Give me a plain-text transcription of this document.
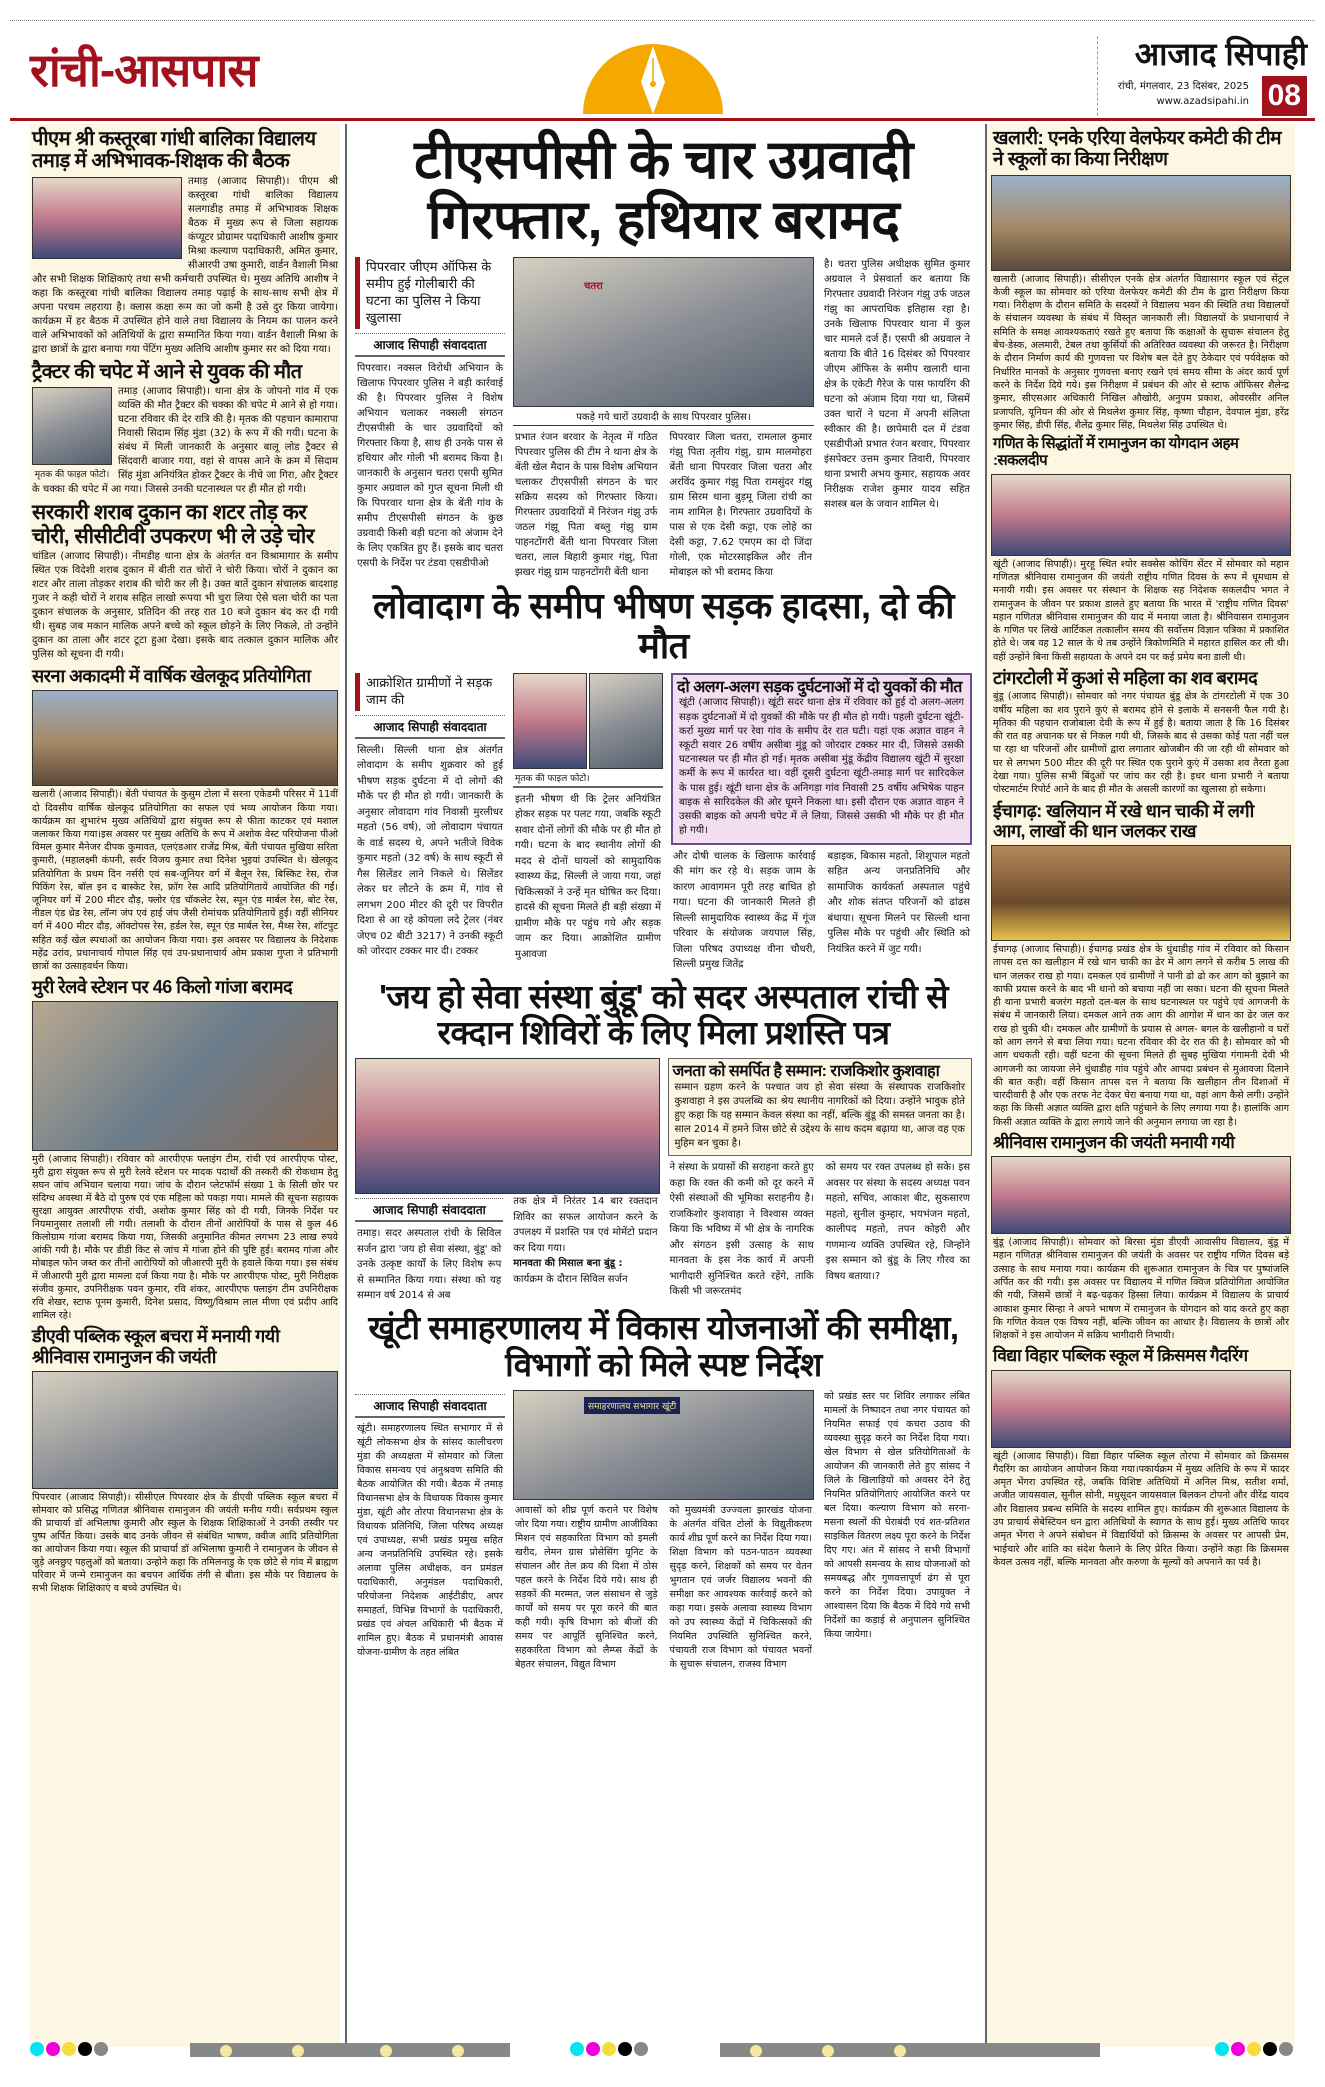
रांची-आसपास	आजाद सिपाही
रांची, मंगलवार, 23 दिसंबर, 2025
www.azadsipahi.in 08
पीएम श्री कस्तूरबा गांधी बालिका विद्यालय तमाड़ में अभिभावक-शिक्षक की बैठक

तमाड़ (आजाद सिपाही)। पीएम श्री कस्तूरबा गांधी बालिका विद्यालय सलगाडीह तमाड़ में अभिभावक शिक्षक बैठक में मुख्य रूप से जिला सहायक कंप्यूटर प्रोग्रामर पदाधिकारी आशीष कुमार मिश्रा कल्याण पदाधिकारी, अमित कुमार, सीआरपी उषा कुमारी, वार्डन वैशाली मिश्रा और सभी शिक्षक शिक्षिकाएं तथा सभी कर्मचारी उपस्थित थे। मुख्य अतिथि आशीष ने कहा कि कस्तूरबा गांधी बालिका विद्यालय तमाड़ पढ़ाई के साथ-साथ सभी क्षेत्र में अपना परचम लहराया है। क्लास कक्षा रूम का जो कमी है उसे दुर किया जायेगा। कार्यक्रम में हर बैठक में उपस्थित होने वाले तथा विद्यालय के नियम का पालन करने वाले अभिभावकों को अतिथियों के द्वारा सम्मानित किया गया। वार्डन वैशाली मिश्रा के द्वारा छात्रों के द्वारा बनाया गया पेंटिंग मुख्य अतिथि आशीष कुमार सर को दिया गया।

ट्रैक्टर की चपेट में आने से युवक की मौत
मृतक की फाइल फोटो।

तमाड़ (आजाद सिपाही)। थाना क्षेत्र के जोपनो गांव में एक व्यक्ति की मौत ट्रैक्टर की चक्का की चपेट मे आने से हो गया। घटना रविवार की देर रात्रि की है। मृतक की पहचान कामारापा निवासी सिदाम सिंह मुंडा (32) के रूप में की गयी। घटना के संबंध में मिली जानकारी के अनुसार बालू लोड ट्रैक्टर से सिंदवारी बाजार गया, वहां से वापस आने के क्रम में सिदाम सिंह मुंडा अनियंत्रित होकर ट्रैक्टर के नीचे जा गिरा, और ट्रैक्टर के चक्का की चपेट में आ गया। जिससे उनकी घटनास्थल पर ही मौत हो गयी।

सरकारी शराब दुकान का शटर तोड़ कर चोरी, सीसीटीवी उपकरण भी ले उड़े चोर

चांडिल (आजाद सिपाही)। नीमडीह थाना क्षेत्र के अंतर्गत वन विश्रामागार के समीप स्थित एक विदेशी शराब दुकान में बीती रात चोरों ने चोरी किया। चोरों ने दुकान का शटर और ताला तोड़कर शराब की चोरी कर ली है। उक्त बातें दुकान संचालक बादशाह गुजर ने कही चोरों ने शराब सहित लाखो रूपया भी चुरा लिया ऐसे चला चोरी का पता दुकान संचालक के अनुसार, प्रतिदिन की तरह रात 10 बजे दुकान बंद कर दी गयी थी। सुबह जब मकान मालिक अपने बच्चे को स्कूल छोड़ने के लिए निकले, तो उन्होंने दुकान का ताला और शटर टूटा हुआ देखा। इसके बाद तत्काल दुकान मालिक और पुलिस को सूचना दी गयी।

सरना अकादमी में वार्षिक खेलकूद प्रतियोगिता

खलारी (आजाद सिपाही)। बेंती पंचायत के कुसुम टोला में सरना एकेडमी परिसर में 11वीं दो दिवसीय वार्षिक खेलकूद प्रतियोगिता का सफल एवं भव्य आयोजन किया गया। कार्यक्रम का शुभारंभ मुख्य अतिथियों द्वारा संयुक्त रूप से फीता काटकर एवं मशाल जलाकर किया गया।इस अवसर पर मुख्य अतिथि के रूप में अशोक वेस्ट परियोजना पीओ विमल कुमार मैनेजर दीपक कुमावत, एलएंडआर राजेंद्र मिश्र, बेंती पंचायत मुखिया सरिता कुमारी, (महालक्ष्मी कंपनी, सर्वर विजय कुमार तथा दिनेश भुइयां उपस्थित थे। खेलकूद प्रतियोगिता के प्रथम दिन नर्सरी एवं सब-जूनियर वर्ग में बैलून रेस, बिस्किट रेस, रोज पिकिंग रेस, बॉल इन द बास्केट रेस, फ्रॉग रेस आदि प्रतियोगितायें आयोजित की गईं। जूनियर वर्ग में 200 मीटर दौड़, फ्लोर एंड चॉकलेट रेस, स्पून एंड मार्बल रेस, बोट रेस, नीडल एंड थ्रेड रेस, लॉन्ग जंप एवं हाई जंप जैसी रोमांचक प्रतियोगितायें हुईं। वहीं सीनियर वर्ग में 400 मीटर दौड़, ऑक्टोपस रेस, हर्डल रेस, स्पून एंड मार्बल रेस, मैथ्स रेस, शॉटपुट सहित कई खेल स्पधाओं का आयोजन किया गया। इस अवसर पर विद्यालय के निदेशक महेंद्र उरांव, प्रधानाचार्य गोपाल सिंह एवं उप-प्रधानाचार्य ओम प्रकाश गुप्ता ने प्रतिभागी छात्रों का उत्साहवर्धन किया।

मुरी रेलवे स्टेशन पर 46 किलो गांजा बरामद

मुरी (आजाद सिपाही)। रविवार को आरपीएफ फ्लाइंग टीम, रांची एवं आरपीएफ पोस्ट, मुरी द्वारा संयुक्त रूप से मुरी रेलवे स्टेशन पर मादक पदार्थों की तस्करी की रोकथाम हेतु सघन जांच अभियान चलाया गया। जांच के दौरान प्लेटफॉर्म संख्या 1 के सिली छोर पर संदिग्ध अवस्था में बैठे दो पुरुष एवं एक महिला को पकड़ा गया। मामले की सूचना सहायक सुरक्षा आयुक्त आरपीएफ रांची, अशोक कुमार सिंह को दी गयी, जिनके निर्देश पर नियमानुसार तलाशी ली गयी। तलाशी के दौरान तीनों आरोपियों के पास से कुल 46 किलोग्राम गांजा बरामद किया गया, जिसकी अनुमानित कीमत लगभग 23 लाख रुपये आंकी गयी है। मौके पर डीडी किट से जांच में गांजा होने की पुष्टि हुई। बरामद गांजा और मोबाइल फोन जब्त कर तीनों आरोपियों को जीआरपी मुरी के हवाले किया गया। इस संबंध में जीआरपी मुरी द्वारा मामला दर्ज किया गया है। मौके पर आरपीएफ पोस्ट, मुरी निरीक्षक संजीव कुमार, उपनिरीक्षक पवन कुमार, रवि शंकर, आरपीएफ फ्लाइंग टीम उपनिरीक्षक रवि शेखर, स्टाफ पूनम कुमारी, दिनेश प्रसाद, विष्णु/विश्राम लाल मीणा एवं प्रदीप आदि शामिल रहे।

डीएवी पब्लिक स्कूल बचरा में मनायी गयी श्रीनिवास रामानुजन की जयंती

पिपरवार (आजाद सिपाही)। सीसीएल पिपरवार क्षेत्र के डीएवी पब्लिक स्कूल बचरा में सोमवार को प्रसिद्ध गणितज्ञ श्रीनिवास रामानुजन की जयंती मनीय गयी। सर्वप्रथम स्कुल की प्राचार्या डॉ अभिलाषा कुमारी और स्कुल के शिक्षक शिक्षिकाओं ने उनकी तस्वीर पर पुष्प अर्पित किया। उसके बाद उनके जीवन से संबंधित भाषण, क्वीज आदि प्रतियोगिता का आयोजन किया गया। स्कूल की प्राचार्या डॉ अभिलाषा कुमारी ने रामानुजन के जीवन से जुड़े अनछुए पहलुओं को बताया। उन्होने कहा कि तमिलनाडु के एक छोटे से गांव में ब्राह्मण परिवार में जन्मे रामानुजन का बचपन आर्थिक तंगी से बीता। इस मौके पर विद्यालय के सभी शिक्षक शिक्षिकाएं व बच्चे उपस्थित थे।

टीएसपीसी के चार उग्रवादी गिरफ्तार, हथियार बरामद
पिपरवार जीएम ऑफिस के समीप हुई गोलीबारी की घटना का पुलिस ने किया खुलासा
आजाद सिपाही संवाददाता

पिपरवार। नक्सल विरोधी अभियान के खिलाफ पिपरवार पुलिस ने बड़ी कार्रवाई की है। पिपरवार पुलिस ने विशेष अभियान चलाकर नक्सली संगठन टीएसपीसी के चार उग्रवादियों को गिरफ्तार किया है, साथ ही उनके पास से हथियार और गोली भी बरामद किया है। जानकारी के अनुसान चतरा एसपी सुमित कुमार अग्रवाल को गुप्त सूचना मिली थी कि पिपरवार थाना क्षेत्र के बेंती गांव के समीप टीएसपीसी संगठन के कुछ उग्रवादी किसी बड़ी घटना को अंजाम देने के लिए एकत्रित हुए हैं। इसके बाद चतरा एसपी के निर्देश पर टंडवा एसडीपीओ

चतरा
पकड़े गये चारों उग्रवादी के साथ पिपरवार पुलिस।

प्रभात रंजन बरवार के नेतृत्व में गठित पिपरवार पुलिस की टीम ने थाना क्षेत्र के बेंती खेल मैदान के पास विशेष अभियान चलाकर टीएसपीसी संगठन के चार सक्रिय सदस्य को गिरफ्तार किया। गिरफ्तार उग्रवादियों में निरंजन गंझु उर्फ जठल गंझू पिता बब्लु गंझु ग्राम पाहनटोंगरी बेंती थाना पिपरवार जिला चतरा, लाल बिहारी कुमार गंझु, पिता झखर गंझु ग्राम पाहनटोंगरी बेंती थाना

पिपरवार जिला चतरा, रामलाल कुमार गंझु पिता तृतीय गंझु, ग्राम मालमोहरा बेंती थाना पिपरवार जिला चतरा और अरविंद कुमार गंझु पिता रामसुंदर गंझु ग्राम सिरम थाना बुड़मू जिला रांची का नाम शामिल है। गिरफ्तार उग्रवादियों के पास से एक देसी कट्टा, एक लोहे का देसी कट्टा, 7.62 एमएम का दो जिंदा गोली, एक मोटरसाइकिल और तीन मोबाइल को भी बरामद किया

है। चतरा पुलिस अधीक्षक सुमित कुमार अग्रवाल ने प्रेसवार्ता कर बताया कि गिरफ्तार उग्रवादी निरंजन गंझु उर्फ जठल गंझु का आपराधिक इतिहास रहा है। उनके खिलाफ पिपरवार थाना में कुल चार मामले दर्ज हैं। एसपी श्री अग्रवाल ने बताया कि बीते 16 दिसंबर को पिपरवार जीएम ऑफिस के समीप खलारी थाना क्षेत्र के एकेटी गैरेज के पास फायरिंग की घटना को अंजाम दिया गया था, जिसमें उक्त चारों ने घटना में अपनी संलिप्ता स्वीकार की है। छापेमारी दल में टंडवा एसडीपीओ प्रभात रंजन बरवार, पिपरवार इंसपेक्टर उत्तम कुमार तिवारी, पिपरवार थाना प्रभारी अभय कुमार, सहायक अवर निरीक्षक राजेश कुमार यादव सहित सशस्त्र बल के जवान शामिल थे।

लोवादाग के समीप भीषण सड़क हादसा, दो की मौत
आक्रोशित ग्रामीणों ने सड़क जाम की
आजाद सिपाही संवाददाता

सिल्ली। सिल्ली थाना क्षेत्र अंतर्गत लोवादाग के समीप शुक्रवार को हुई भीषण सड़क दुर्घटना में दो लोगों की मौके पर ही मौत हो गयी। जानकारी के अनुसार लोवादाग गांव निवासी मुरलीधर महतो (56 वर्ष), जो लोवादाग पंचायत के वार्ड सदस्य थे, अपने भतीजे विवेक कुमार महतो (32 वर्ष) के साथ स्कूटी से गैस सिलेंडर लाने निकले थे। सिलेंडर लेकर घर लौटने के क्रम में, गांव से लगभग 200 मीटर की दूरी पर विपरीत दिशा से आ रहे कोयला लदे ट्रेलर (नंबर जेएच 02 बीटी 3217) ने उनकी स्कूटी को जोरदार टक्कर मार दी। टक्कर

मृतक की फाइल फोटो।

इतनी भीषण थी कि ट्रेलर अनियंत्रित होकर सड़क पर पलट गया, जबकि स्कूटी सवार दोनों लोगों की मौके पर ही मौत हो गयी। घटना के बाद स्थानीय लोगों की मदद से दोनों घायलों को सामुदायिक स्वास्थ्य केंद्र, सिल्ली ले जाया गया, जहां चिकित्सकों ने उन्हें मृत घोषित कर दिया। हादसे की सूचना मिलते ही बड़ी संख्या में ग्रामीण मौके पर पहुंच गये और सड़क जाम कर दिया। आक्रोशित ग्रामीण मुआवजा

दो अलग-अलग सड़क दुर्घटनाओं में दो युवकों की मौत

खूंटी (आजाद सिपाही)। खूंटी सदर थाना क्षेत्र में रविवार को हुई दो अलग-अलग सड़क दुर्घटनाओं में दो युवकों की मौके पर ही मौत हो गयी। पहली दुर्घटना खूंटी-कर्रा मुख्य मार्ग पर रेवा गांव के समीप देर रात घटी। यहां एक अज्ञात वाहन ने स्कूटी सवार 26 वर्षीय असीबा मुंडू को जोरदार टक्कर मार दी, जिससे उसकी घटनास्थल पर ही मौत हो गई। मृतक असीबा मुंडू केंद्रीय विद्यालय खूंटी में सुरक्षा कर्मी के रूप में कार्यरत था। वहीं दूसरी दुर्घटना खूंटी-तमाड़ मार्ग पर सारिदकेल के पास हुई। खूंटी थाना क्षेत्र के अनिगड़ा गांव निवासी 25 वर्षीय अभिषेक पाहन बाइक से सारिदकेल की ओर घूमने निकला था। इसी दौरान एक अज्ञात वाहन ने उसकी बाइक को अपनी चपेट में ले लिया, जिससे उसकी भी मौके पर ही मौत हो गयी।

और दोषी चालक के खिलाफ कार्रवाई की मांग कर रहे थे। सड़क जाम के कारण आवागमन पूरी तरह बाधित हो गया। घटना की जानकारी मिलते ही सिल्ली सामुदायिक स्वास्थ्य केंद्र में गूंज परिवार के संयोजक जयपाल सिंह, जिला परिषद उपाध्यक्ष वीना चौधरी, सिल्ली प्रमुख जितेंद्र

बड़ाइक, बिकास महतो, शिशुपाल महतो सहित अन्य जनप्रतिनिधि और सामाजिक कार्यकर्ता अस्पताल पहुंचे और शोक संतप्त परिजनों को ढांढस बंधाया। सूचना मिलने पर सिल्ली थाना पुलिस मौके पर पहुंची और स्थिति को नियंत्रित करने में जुट गयी।

'जय हो सेवा संस्था बुंडू' को सदर अस्पताल रांची से रक्दान शिविरों के लिए मिला प्रशस्ति पत्र
आजाद सिपाही संवाददाता

तमाड़। सदर अस्पताल रांची के सिविल सर्जन द्वारा 'जय हो सेवा संस्था, बुंडू' को उनके उत्कृष्ट कार्यों के लिए विशेष रूप से सम्मानित किया गया। संस्था को यह सम्मान वर्ष 2014 से अब

तक क्षेत्र में निरंतर 14 बार रक्तदान शिविर का सफल आयोजन करने के उपलक्ष्य में प्रशस्ति पत्र एवं मोमेंटो प्रदान कर दिया गया।

मानवता की मिसाल बना बुंडू :

कार्यक्रम के दौरान सिविल सर्जन

जनता को समर्पित है सम्मान: राजकिशोर कुशवाहा

सम्मान ग्रहण करने के पश्चात जय हो सेवा संस्था के संस्थापक राजकिशोर कुशवाहा ने इस उपलब्धि का श्रेय स्थानीय नागरिकों को दिया। उन्होंने भावुक होते हुए कहा कि यह सम्मान केवल संस्था का नहीं, बल्कि बुंडू की समस्त जनता का है। साल 2014 में हमने जिस छोटे से उद्देश्य के साथ कदम बढ़ाया था, आज वह एक मुहिम बन चुका है।

ने संस्था के प्रयासों की सराहना करते हुए कहा कि रक्त की कमी को दूर करने में ऐसी संस्थाओं की भूमिका सराहनीय है। राजकिशोर कुशवाहा ने विश्वास व्यक्त किया कि भविष्य में भी क्षेत्र के नागरिक और संगठन इसी उत्साह के साथ मानवता के इस नेक कार्य में अपनी भागीदारी सुनिश्चित करते रहेंगे, ताकि किसी भी जरूरतमंद

को समय पर रक्त उपलब्ध हो सके। इस अवसर पर संस्था के सदस्य अध्यक्ष पवन महतो, सचिव, आकाश बीट, सुकसारण महतो, सुनील कुम्हार, भयभंजन महतो, कालीपद महतो, तपन कोइरी और गणमान्य व्यक्ति उपस्थित रहे, जिन्होंने इस सम्मान को बुंडू के लिए गौरव का विषय बताया।?

खूंटी समाहरणालय में विकास योजनाओं की समीक्षा, विभागों को मिले स्पष्ट निर्देश
आजाद सिपाही संवाददाता

खूंटी। समाहरणालय स्थित सभागार में से खूंटी लोकसभा क्षेत्र के सांसद कालीचरण मुंडा की अध्यक्षता में सोमवार को जिला विकास समन्वय एवं अनुश्रवण समिति की बैठक आयोजित की गयी। बैठक में तमाड़ विधानसभा क्षेत्र के विधायक विकास कुमार मुंडा, खूंटी और तोरपा विधानसभा क्षेत्र के विधायक प्रतिनिधि, जिला परिषद अध्यक्ष एवं उपाध्यक्ष, सभी प्रखंड प्रमुख सहित अन्य जनप्रतिनिधि उपस्थित रहे। इसके अलावा पुलिस अधीक्षक, वन प्रमंडल पदाधिकारी, अनुमंडल पदाधिकारी, परियोजना निदेशक आईटीडीए, अपर समाहर्ता, विभिन्न विभागों के पदाधिकारी, प्रखंड एवं अंचल अधिकारी भी बैठक में शामिल हुए। बैठक में प्रधानमंत्री आवास योजना-ग्रामीण के तहत लंबित

समाहरणालय सभागार खूंटी

आवासों को शीघ्र पूर्ण कराने पर विशेष जोर दिया गया। राष्ट्रीय ग्रामीण आजीविका मिशन एवं सहकारिता विभाग को इमली खरीद, लेमन ग्रास प्रोसेसिंग यूनिट के संचालन और तेल क्रय की दिशा में ठोस पहल करने के निर्देश दिये गये। साथ ही सड़कों की मरम्मत, जल संसाधन से जुड़े कार्यों को समय पर पूरा करने की बात कही गयी। कृषि विभाग को बीजों की समय पर आपूर्ति सुनिश्चित करने, सहकारिता विभाग को लैम्प्स केंद्रों के बेहतर संचालन, विद्युत विभाग

को मुख्यमंत्री उज्ज्वला झारखंड योजना के अंतर्गत वंचित टोलों के विद्युतीकरण कार्य शीघ्र पूर्ण करने का निर्देश दिया गया। शिक्षा विभाग को पठन-पाठन व्यवस्था सुदृढ़ करने, शिक्षकों को समय पर वेतन भुगतान एवं जर्जर विद्यालय भवनों की समीक्षा कर आवश्यक कार्रवाई करने को कहा गया। इसके अलावा स्वास्थ्य विभाग को उप स्वास्थ्य केंद्रों में चिकित्सकों की नियमित उपस्थिति सुनिश्चित करने, पंचायती राज विभाग को पंचायत भवनों के सुचारू संचालन, राजस्व विभाग

को प्रखंड स्तर पर शिविर लगाकर लंबित मामलों के निष्पादन तथा नगर पंचायत को नियमित सफाई एवं कचरा उठाव की व्यवस्था सुदृढ़ करने का निर्देश दिया गया। खेल विभाग से खेल प्रतियोगिताओं के आयोजन की जानकारी लेते हुए सांसद ने जिले के खिलाड़ियों को अवसर देने हेतु नियमित प्रतियोगिताएं आयोजित करने पर बल दिया। कल्याण विभाग को सरना-मसना स्थलों की घेराबंदी एवं शत-प्रतिशत साइकिल वितरण लक्ष्य पूरा करने के निर्देश दिए गए। अंत में सांसद ने सभी विभागों को आपसी समन्वय के साथ योजनाओं को समयबद्ध और गुणवत्तापूर्ण ढंग से पूरा करने का निर्देश दिया। उपायुक्त ने आश्वासन दिया कि बैठक में दिये गये सभी निर्देशों का कड़ाई से अनुपालन सुनिश्चित किया जायेगा।

खलारी: एनके एरिया वेलफेयर कमेटी की टीम ने स्कूलों का किया निरीक्षण

खलारी (आजाद सिपाही)। सीसीएल एनके क्षेत्र अंतर्गत विद्यासागर स्कूल एवं सेंट्रल केजी स्कूल का सोमवार को एरिया वेलफेयर कमेटी की टीम के द्वारा निरीक्षण किया गया। निरीक्षण के दौरान समिति के सदस्यों ने विद्यालय भवन की स्थिति तथा विद्यालयों के संचालन व्यवस्था के संबंध में विस्तृत जानकारी ली। विद्यालयों के प्रधानाचार्य ने समिति के समक्ष आवश्यकताएं रखते हुए बताया कि कक्षाओं के सुचारू संचालन हेतु बेंच-डेस्क, अलमारी, टेबल तथा कुर्सियों की अतिरिक्त व्यवस्था की जरूरत है। निरीक्षण के दौरान निर्माण कार्य की गुणवत्ता पर विशेष बल देते हुए ठेकेदार एवं पर्यवेक्षक को निर्धारित मानकों के अनुसार गुणवत्ता बनाए रखने एवं समय सीमा के अंदर कार्य पूर्ण करने के निर्देश दिये गये। इस निरीक्षण में प्रबंधन की ओर से स्टाफ ऑफिसर शैलेन्द्र कुमार, सीएसआर अधिकारी निखिल औखोरी, अनुपम प्रकाश, ओवरसीर अनिल प्रजापति, यूनियन की ओर से मिथलेश कुमार सिंह, कृष्णा चौहान, देवपाल मुंडा, हरेंद्र कुमार सिंह, डीपी सिंह, शैलेंद्र कुमार सिंह, मिथलेश सिंह उपस्थित थे।

गणित के सिद्धांतों में रामानुजन का योगदान अहम :सकलदीप

खूंटी (आजाद सिपाही)। मुरहू स्थित श्योर सक्सेस कोचिंग सेंटर में सोमवार को महान गणितज्ञ श्रीनिवास रामानुजन की जयंती राष्ट्रीय गणित दिवस के रूप में धूमधाम से मनायी गयी। इस अवसर पर संस्थान के शिक्षक सह निदेशक सकलदीप भगत ने रामानुजन के जीवन पर प्रकाश डालते हुए बताया कि भारत में 'राष्ट्रीय गणित दिवस' महान गणितज्ञ श्रीनिवास रामानुजन की याद में मनाया जाता है। श्रीनिवासन रामानुजन के गणित पर लिखे आर्टिकल तत्कालीन समय की सर्वोत्तम विज्ञान पत्रिका में प्रकाशित होते थे। जब वह 12 साल के थे तब उन्होंने त्रिकोणमिति में महारत हासिल कर ली थी। वहीं उन्होंने बिना किसी सहायता के अपने दम पर कई प्रमेय बना डाली थी।

टांगरटोली में कुआं से महिला का शव बरामद

बुंडू (आजाद सिपाही)। सोमवार को नगर पंचायत बुंडू क्षेत्र के टांगरटोली में एक 30 वर्षीय महिला का शव पुराने कुएं से बरामद होने से इलाके में सनसनी फैल गयी है। मृतिका की पहचान राजोबाला देवी के रूप में हुई है। बताया जाता है कि 16 दिसंबर की रात वह अचानक घर से निकल गयी थी, जिसके बाद से उसका कोई पता नहीं चल पा रहा था परिजनों और ग्रामीणों द्वारा लगातार खोजबीन की जा रही थी सोमवार को घर से लगभग 500 मीटर की दूरी पर स्थित एक पुराने कुएं में उसका शव तैरता हुआ देखा गया। पुलिस सभी बिंदुओं पर जांच कर रही है। इधर थाना प्रभारी ने बताया पोस्टमार्टम रिपोर्ट आने के बाद ही मौत के असली कारणों का खुलासा हो सकेगा।

ईचागढ़: खलियान में रखे धान चाकी में लगी आग, लाखों की धान जलकर राख

ईचागढ़ (आजाद सिपाही)। ईचागढ़ प्रखंड क्षेत्र के धुंधाडीह गांव में रविवार को किसान तापस दत्त का खलीहान में रखे धान चाकी का ढेर में आग लगने से करीब 5 लाख की धान जलकर राख हो गया। दमकल एवं ग्रामीणों ने पानी ढो ढो कर आग को बुझाने का काफी प्रयास करने के बाद भी धानो को बचाया नहीं जा सका। घटना की सूचना मिलते ही थाना प्रभारी बजरंग महतो दल-बल के साथ घटनास्थल पर पहुंचे एवं आगजनी के संबंध में जानकारी लिया। दमकल आने तक आग की आगोश में धान का ढेर जल कर राख हो चुकी थी। दमकल और ग्रामीणों के प्रयास से अगल- बगल के खलीहानो व घरों को आग लगने से बचा लिया गया। घटना रविवार की देर रात की है। सोमवार को भी आग धधकती रही। वहीं घटना की सूचना मिलते ही सुबह मुखिया गंगामनी देवी भी आगजनी का जायजा लेने धुंधाडीह गांव पहुंचे और आपदा प्रबंधन से मुआवजा दिलाने की बात कही। वहीं किसान तापस दत्त ने बताया कि खलीहान तीन दिशाओं में चारदीवारी है और एक तरफ नेट देकर घेरा बनाया गया था, वहां आग कैसे लगी। उन्होंने कहा कि किसी अज्ञात व्यक्ति द्वारा क्षति पहुंचाने के लिए लगाया गया है। हालांकि आग किसी अज्ञात व्यक्ति के द्वारा लगाये जाने की अनुमान लगाया जा रहा है।

श्रीनिवास रामानुजन की जयंती मनायी गयी

बुंडू (आजाद सिपाही)। सोमवार को बिरसा मुंडा डीएवी आवासीय विद्यालय, बुंडू में महान गणितज्ञ श्रीनिवास रामानुजन की जयंती के अवसर पर राष्ट्रीय गणित दिवस बड़े उत्साह के साथ मनाया गया। कार्यक्रम की शुरूआत रामानुजन के चित्र पर पुष्पांजलि अर्पित कर की गयी। इस अवसर पर विद्यालय में गणित क्विज प्रतियोगिता आयोजित की गयी, जिसमें छात्रों ने बढ़-चढ़कर हिस्सा लिया। कार्यक्रम में विद्यालय के प्राचार्य आकाश कुमार सिन्हा ने अपने भाषण में रामानुजन के योगदान को याद करते हुए कहा कि गणित केवल एक विषय नहीं, बल्कि जीवन का आधार है। विद्यालय के छात्रों और शिक्षकों ने इस आयोजन में सक्रिय भागीदारी निभायी।

विद्या विहार पब्लिक स्कूल में क्रिसमस गैदरिंग

खूंटी (आजाद सिपाही)। विद्या विहार पब्लिक स्कूल तोरपा में सोमवार को क्रिसमस गैदरिंग का आयोजन आयोजन किया गया।पकार्यक्रम में मुख्य अतिथि के रूप में फादर अमृत भेंगरा उपस्थित रहे, जबकि विशिष्ट अतिथियों में अनिल मिश्र, सतीश शर्मा, अजीत जायसवाल, सुनील सोनी, मधुसूदन जायसवाल बिलकन टोपनो और वीरेंद्र यादव और विद्यालय प्रबन्ध समिति के सदस्य शामिल हुए। कार्यक्रम की शुरूआत विद्यालय के उप प्राचार्य सेबेस्टियन धन द्वारा अतिथियों के स्वागत के साथ हुई। मुख्य अतिथि फादर अमृत भेंगरा ने अपने संबोधन में विद्यार्थियों को क्रिसम्स के अवसर पर आपसी प्रेम, भाईचारे और शांति का संदेश फैलाने के लिए प्रेरित किया। उन्होंने कहा कि क्रिसमस केवल उत्सव नहीं, बल्कि मानवता और करुणा के मूल्यों को अपनाने का पर्व है।
